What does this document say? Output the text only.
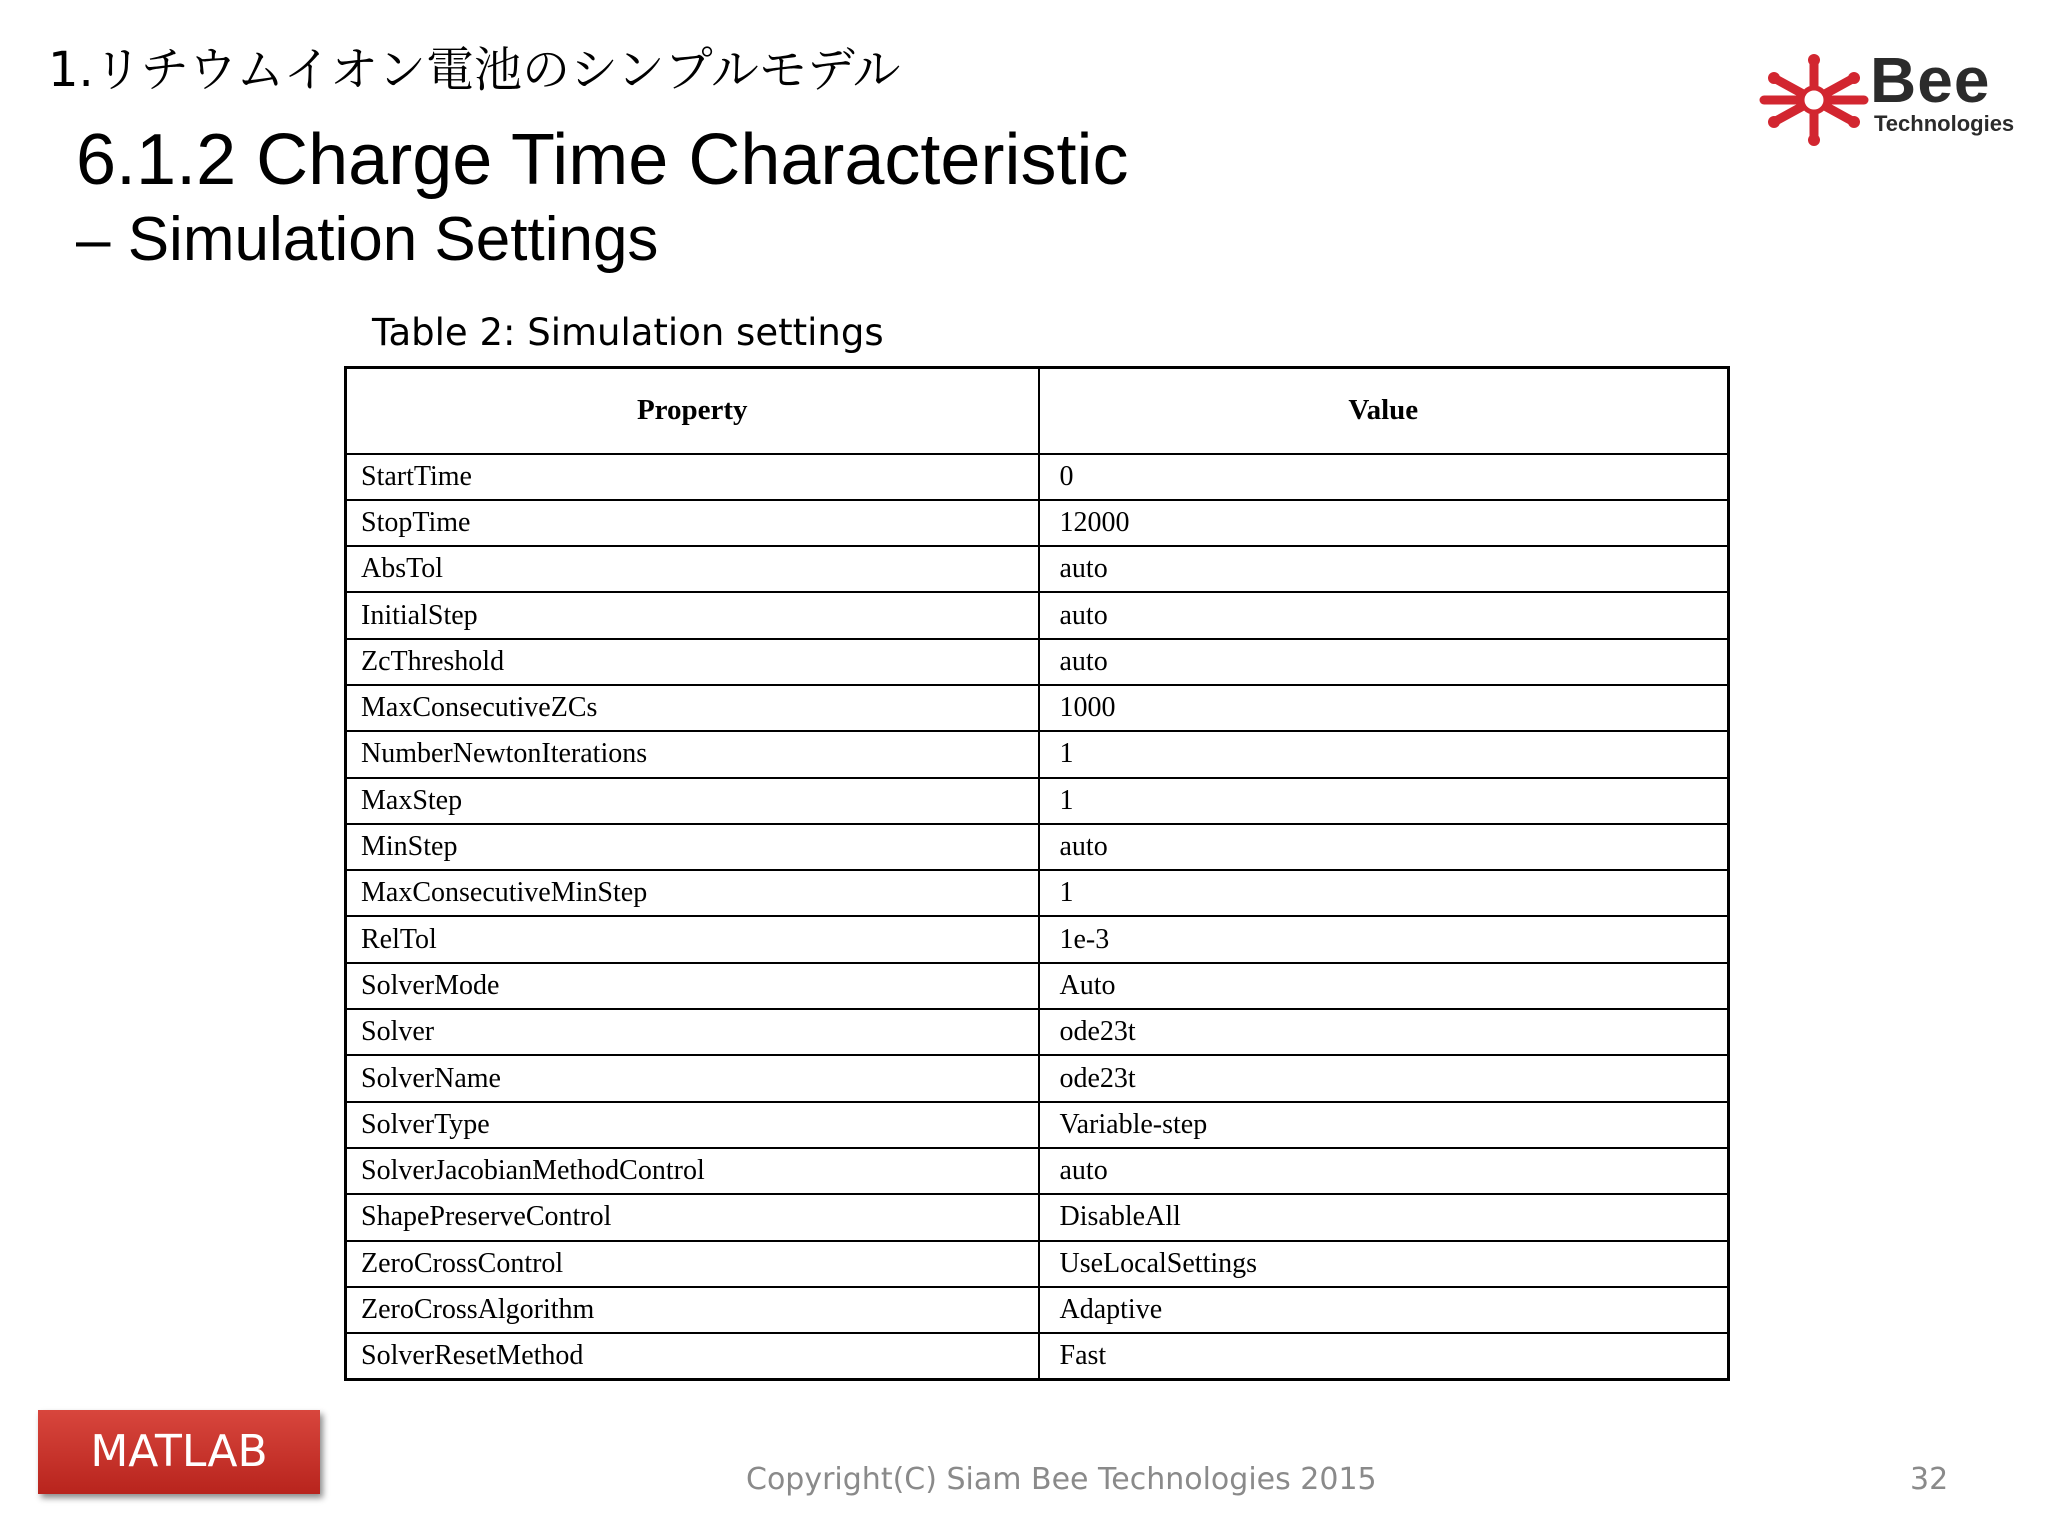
1.リチウムイオン電池のシンプルモデル	Bee
Technologies
6.1.2 Charge Time Characteristic
– Simulation Settings
Table 2: Simulation settings
Property	Value
StartTime	0
StopTime	12000
AbsTol	auto
InitialStep	auto
ZcThreshold	auto
MaxConsecutiveZCs	1000
NumberNewtonIterations	1
MaxStep	1
MinStep	auto
MaxConsecutiveMinStep	1
RelTol	1e-3
SolverMode	Auto
Solver	ode23t
SolverName	ode23t
SolverType	Variable-step
SolverJacobianMethodControl	auto
ShapePreserveControl	DisableAll
ZeroCrossControl	UseLocalSettings
ZeroCrossAlgorithm	Adaptive
SolverResetMethod	Fast
MATLAB
Copyright(C) Siam Bee Technologies 2015	32
